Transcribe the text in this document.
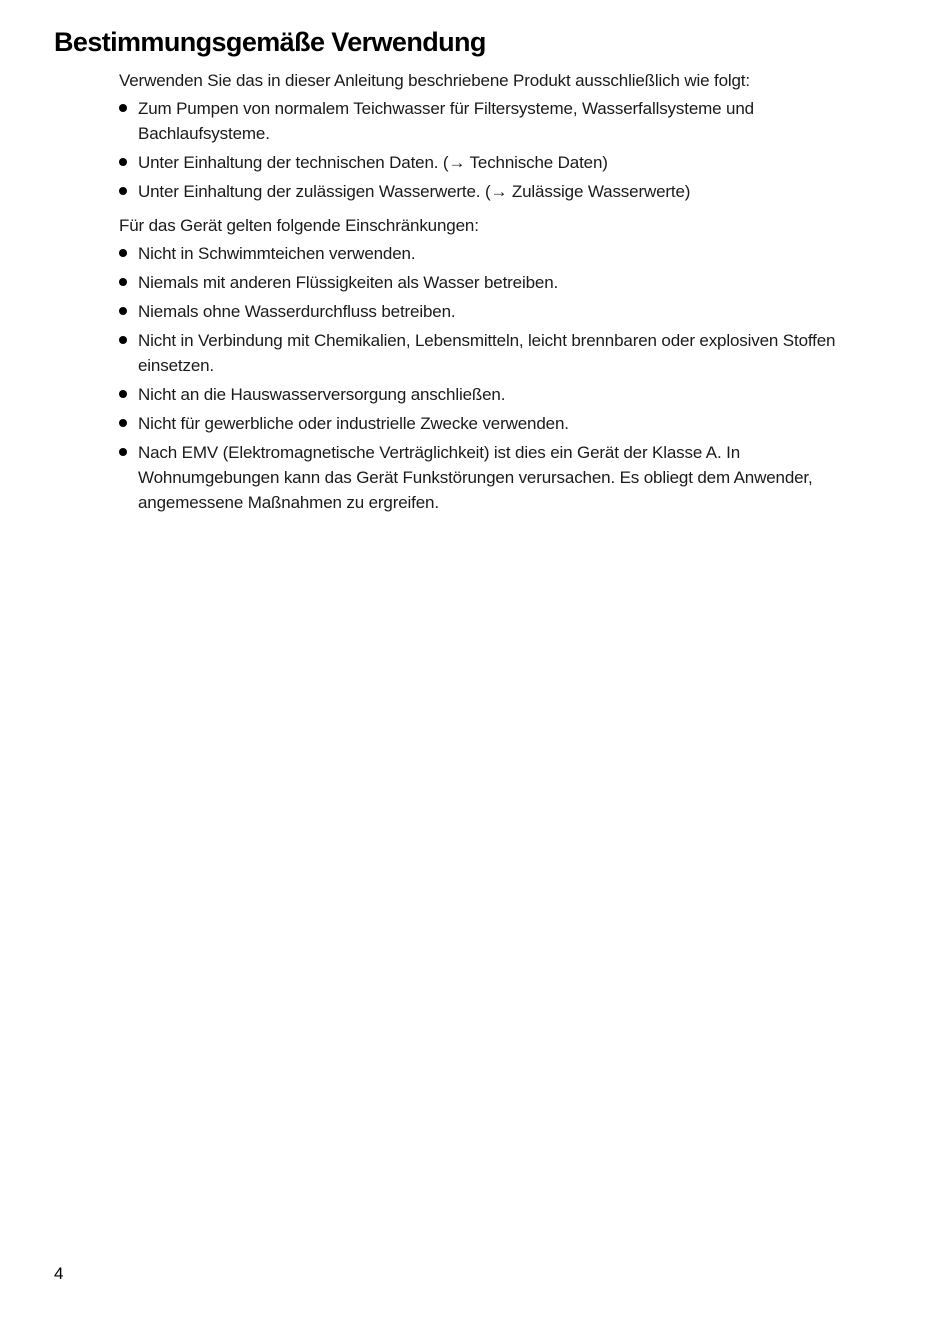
Bestimmungsgemäße Verwendung

Verwenden Sie das in dieser Anleitung beschriebene Produkt ausschließlich wie folgt:

Zum Pumpen von normalem Teichwasser für Filtersysteme, Wasserfallsysteme und Bachlaufsysteme.
Unter Einhaltung der technischen Daten. (→ Technische Daten)
Unter Einhaltung der zulässigen Wasserwerte. (→ Zulässige Wasserwerte)

Für das Gerät gelten folgende Einschränkungen:

Nicht in Schwimmteichen verwenden.
Niemals mit anderen Flüssigkeiten als Wasser betreiben.
Niemals ohne Wasserdurchfluss betreiben.
Nicht in Verbindung mit Chemikalien, Lebensmitteln, leicht brennbaren oder explosiven Stoffen einsetzen.
Nicht an die Hauswasserversorgung anschließen.
Nicht für gewerbliche oder industrielle Zwecke verwenden.
Nach EMV (Elektromagnetische Verträglichkeit) ist dies ein Gerät der Klasse A. In Wohnumgebungen kann das Gerät Funkstörungen verursachen. Es obliegt dem Anwender, angemessene Maßnahmen zu ergreifen.
4
